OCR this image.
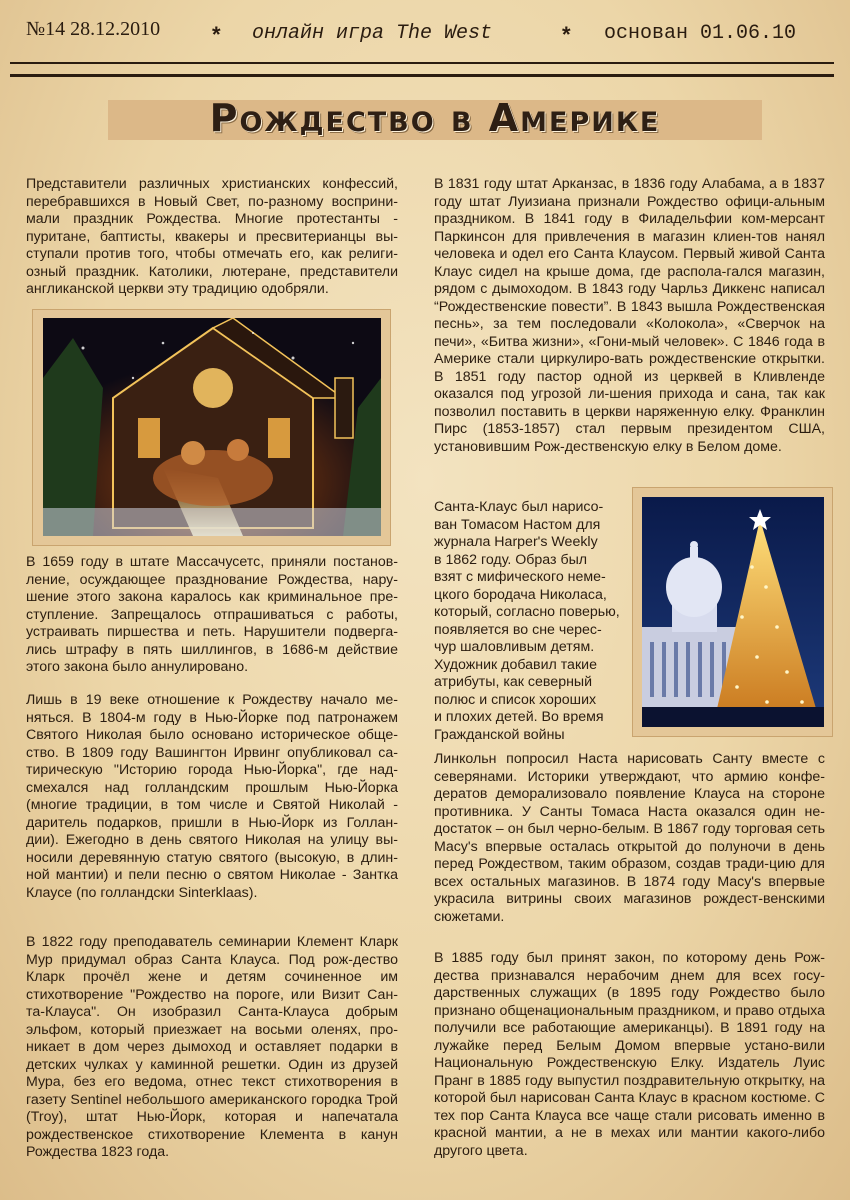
№14 28.12.2010 * онлайн игра The West	* основан 01.06.10
Рождество в Америке

Представители различных христианских конфессий, перебравшихся в Новый Свет, по-разному восприни-мали праздник Рождества. Многие протестанты - пуритане, баптисты, квакеры и пресвитерианцы вы-ступали против того, чтобы отмечать его, как религи-озный праздник. Католики, лютеране, представители англиканской церкви эту традицию одобряли.

В 1659 году в штате Массачусетс, приняли постанов-ление, осуждающее празднование Рождества, нару-шение этого закона каралось как криминальное пре-ступление. Запрещалось отпрашиваться с работы, устраивать пиршества и петь. Нарушители подверга-лись штрафу в пять шиллингов, в 1686-м действие этого закона было аннулировано.

Лишь в 19 веке отношение к Рождеству начало ме-няться. В 1804-м году в Нью-Йорке под патронажем Святого Николая было основано историческое обще-ство. В 1809 году Вашингтон Ирвинг опубликовал са-тирическую "Историю города Нью-Йорка", где над-смехался над голландским прошлым Нью-Йорка (многие традиции, в том числе и Святой Николай - даритель подарков, пришли в Нью-Йорк из Голлан-дии). Ежегодно в день святого Николая на улицу вы-носили деревянную статую святого (высокую, в длин-ной мантии) и пели песню о святом Николае - Зантка Клаусе (по голландски Sinterklaas).

В 1822 году преподаватель семинарии Клемент Кларк Мур придумал образ Санта Клауса. Под рож-дество Кларк прочёл жене и детям сочиненное им стихотворение "Рождество на пороге, или Визит Сан-та-Клауса". Он изобразил Санта-Клауса добрым эльфом, который приезжает на восьми оленях, про-никает в дом через дымоход и оставляет подарки в детских чулках у каминной решетки. Один из друзей Мура, без его ведома, отнес текст стихотворения в газету Sentinel небольшого американского городка Трой (Troy), штат Нью-Йорк, которая и напечатала рождественское стихотворение Клемента в канун Рождества 1823 года.

В 1831 году штат Арканзас, в 1836 году Алабама, а в 1837 году штат Луизиана признали Рождество офици-альным праздником. В 1841 году в Филадельфии ком-мерсант Паркинсон для привлечения в магазин клиен-тов нанял человека и одел его Санта Клаусом. Первый живой Санта Клаус сидел на крыше дома, где распола-гался магазин, рядом с дымоходом. В 1843 году Чарльз Диккенс написал “Рождественские повести”. В 1843 вышла Рождественская песнь», за тем последовали «Колокола», «Сверчок на печи», «Битва жизни», «Гони-мый человек». С 1846 года в Америке стали циркулиро-вать рождественские открытки. В 1851 году пастор одной из церквей в Кливленде оказался под угрозой ли-шения прихода и сана, так как позволил поставить в церкви наряженную елку. Франклин Пирс (1853-1857) стал первым президентом США, установившим Рож-дественскую елку в Белом доме.

Санта-Клаус был нарисо-
ван Томасом Настом для
журнала Harper's Weekly
в 1862 году. Образ был
взят с мифического неме-
цкого бородача Николаса,
который, согласно поверью,
появляется во сне черес-
чур шаловливым детям.
Художник добавил такие
атрибуты, как северный
полюс и список хороших
и плохих детей. Во время
Гражданской войны

Линкольн попросил Наста нарисовать Санту вместе с северянами. Историки утверждают, что армию конфе-дератов деморализовало появление Клауса на стороне противника. У Санты Томаса Наста оказался один не-достаток – он был черно-белым. В 1867 году торговая сеть Macy's впервые осталась открытой до полуночи в день перед Рождеством, таким образом, создав тради-цию для всех остальных магазинов. В 1874 году Macy's впервые украсила витрины своих магазинов рождест-венскими сюжетами.

В 1885 году был принят закон, по которому день Рож-дества признавался нерабочим днем для всех госу-дарственных служащих (в 1895 году Рождество было признано общенациональным праздником, и право отдыха получили все работающие американцы). В 1891 году на лужайке перед Белым Домом впервые устано-вили Национальную Рождественскую Елку. Издатель Луис Пранг в 1885 году выпустил поздравительную открытку, на которой был нарисован Санта Клаус в красном костюме. С тех пор Санта Клауса все чаще стали рисовать именно в красной мантии, а не в мехах или мантии какого-либо другого цвета.
